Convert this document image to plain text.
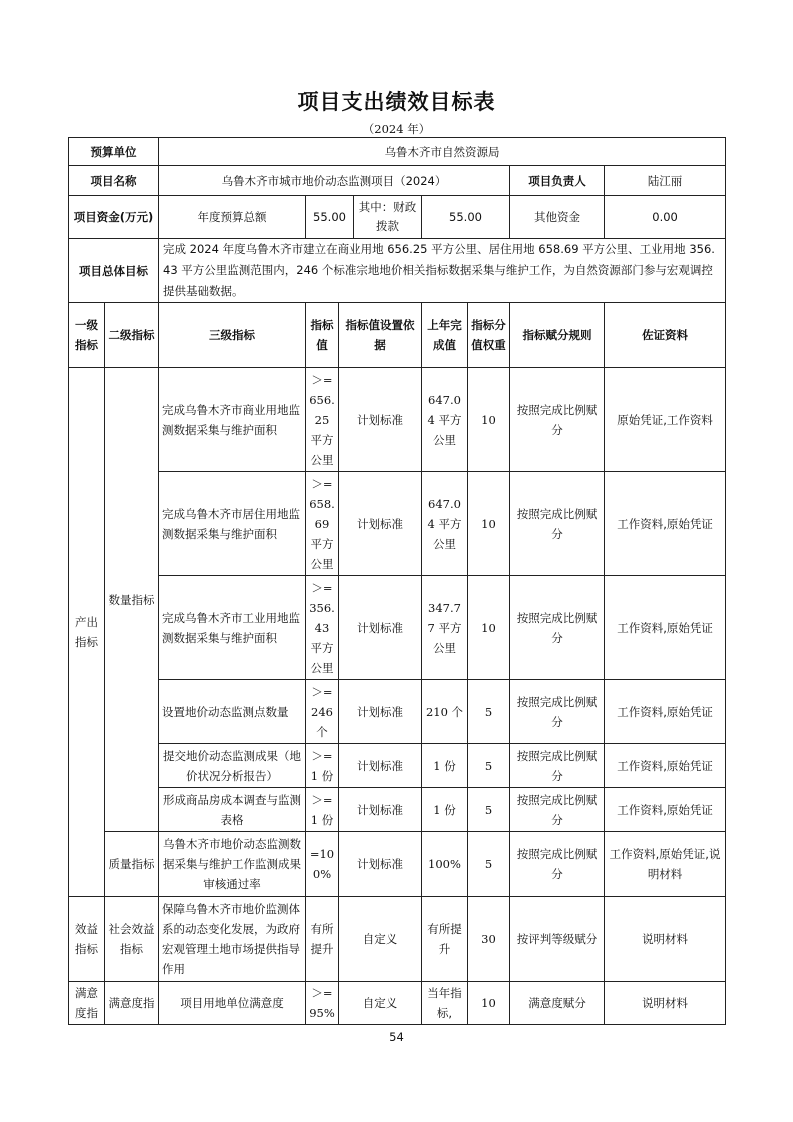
项目支出绩效目标表
（2024 年）
预算单位		乌鲁木齐市自然资源局							
项目名称		乌鲁木齐市城市地价动态监测项目（2024）						项目负责人	陆江丽
项目资金(万元)		年度预算总额	55.00		其中：财政拨款	55.00		其他资金	0.00
项目总体目标		完成 2024 年度乌鲁木齐市建立在商业用地 656.25 平方公里、居住用地 658.69 平方公里、工业用地 356.43 平方公里监测范围内，246 个标准宗地地价相关指标数据采集与维护工作，为自然资源部门参与宏观调控提供基础数据。							
一级指标	二级指标	三级指标	指标值	指标值设置依据		上年完成值	指标分值权重	指标赋分规则	佐证资料
产出指标	数量指标	完成乌鲁木齐市商业用地监测数据采集与维护面积	＞=656.25 平方公里	计划标准		647.04 平方公里	10	按照完成比例赋分	原始凭证,工作资料
		完成乌鲁木齐市居住用地监测数据采集与维护面积	＞=658.69 平方公里	计划标准		647.04 平方公里	10	按照完成比例赋分	工作资料,原始凭证
		完成乌鲁木齐市工业用地监测数据采集与维护面积	＞=356.43 平方公里	计划标准		347.77 平方公里	10	按照完成比例赋分	工作资料,原始凭证
		设置地价动态监测点数量	＞=246 个	计划标准		210 个	5	按照完成比例赋分	工作资料,原始凭证
		提交地价动态监测成果（地价状况分析报告）	＞=1 份	计划标准		1 份	5	按照完成比例赋分	工作资料,原始凭证
		形成商品房成本调查与监测表格	＞=1 份	计划标准		1 份	5	按照完成比例赋分	工作资料,原始凭证
	质量指标	乌鲁木齐市地价动态监测数据采集与维护工作监测成果审核通过率	=100%	计划标准		100%	5	按照完成比例赋分	工作资料,原始凭证,说明材料
效益指标	社会效益指标	保障乌鲁木齐市地价监测体系的动态变化发展，为政府宏观管理土地市场提供指导作用	有所提升	自定义		有所提升	30	按评判等级赋分	说明材料
满意度指	满意度指	项目用地单位满意度	＞=95%	自定义		当年指标,	10	满意度赋分	说明材料
54
